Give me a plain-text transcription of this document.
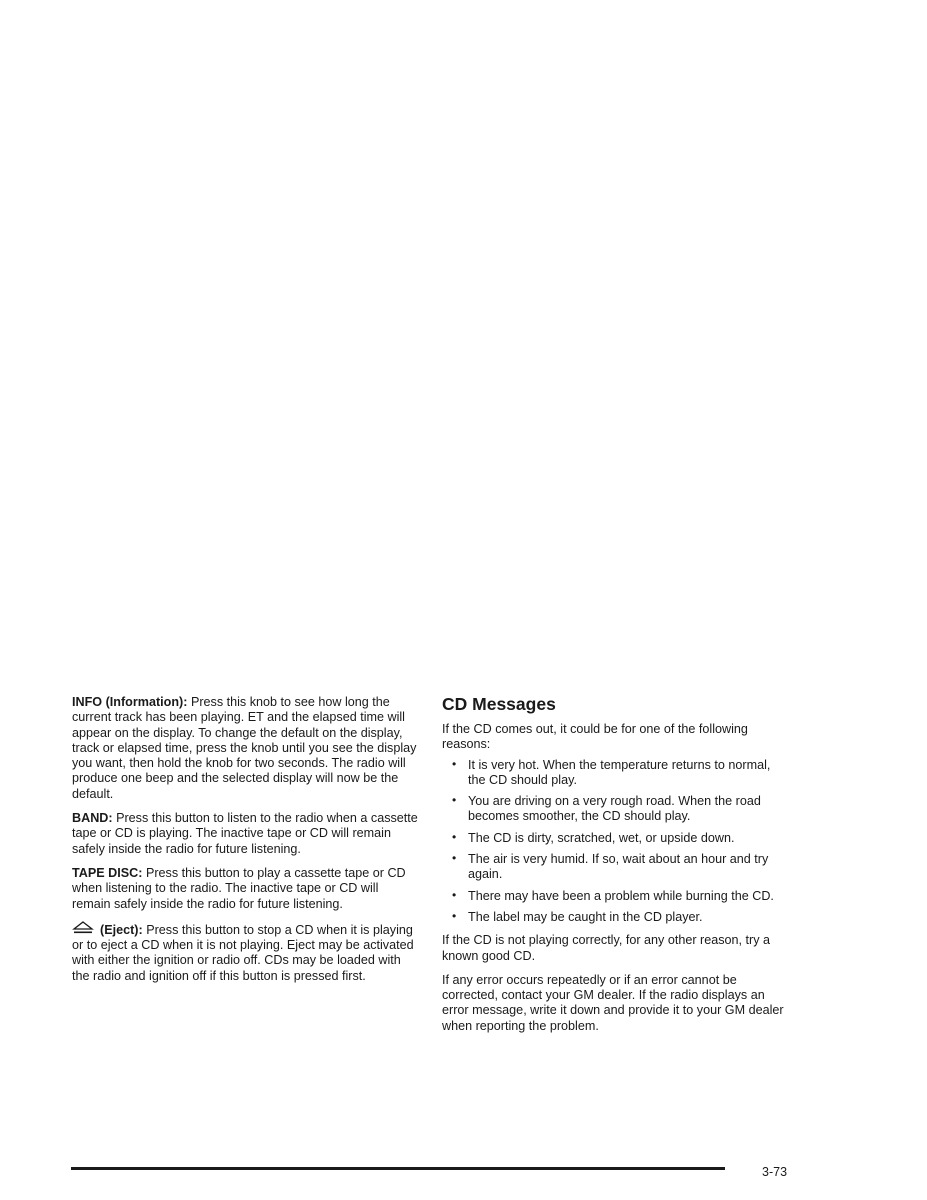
INFO (Information): Press this knob to see how long the current track has been playing. ET and the elapsed time will appear on the display. To change the default on the display, track or elapsed time, press the knob until you see the display you want, then hold the knob for two seconds. The radio will produce one beep and the selected display will now be the default.

BAND: Press this button to listen to the radio when a cassette tape or CD is playing. The inactive tape or CD will remain safely inside the radio for future listening.

TAPE DISC: Press this button to play a cassette tape or CD when listening to the radio. The inactive tape or CD will remain safely inside the radio for future listening.

(Eject): Press this button to stop a CD when it is playing or to eject a CD when it is not playing. Eject may be activated with either the ignition or radio off. CDs may be loaded with the radio and ignition off if this button is pressed first.

CD Messages

If the CD comes out, it could be for one of the following reasons:

• It is very hot. When the temperature returns to normal, the CD should play.
• You are driving on a very rough road. When the road becomes smoother, the CD should play.
• The CD is dirty, scratched, wet, or upside down.
• The air is very humid. If so, wait about an hour and try again.
• There may have been a problem while burning the CD.
• The label may be caught in the CD player.

If the CD is not playing correctly, for any other reason, try a known good CD.

If any error occurs repeatedly or if an error cannot be corrected, contact your GM dealer. If the radio displays an error message, write it down and provide it to your GM dealer when reporting the problem.

3-73
